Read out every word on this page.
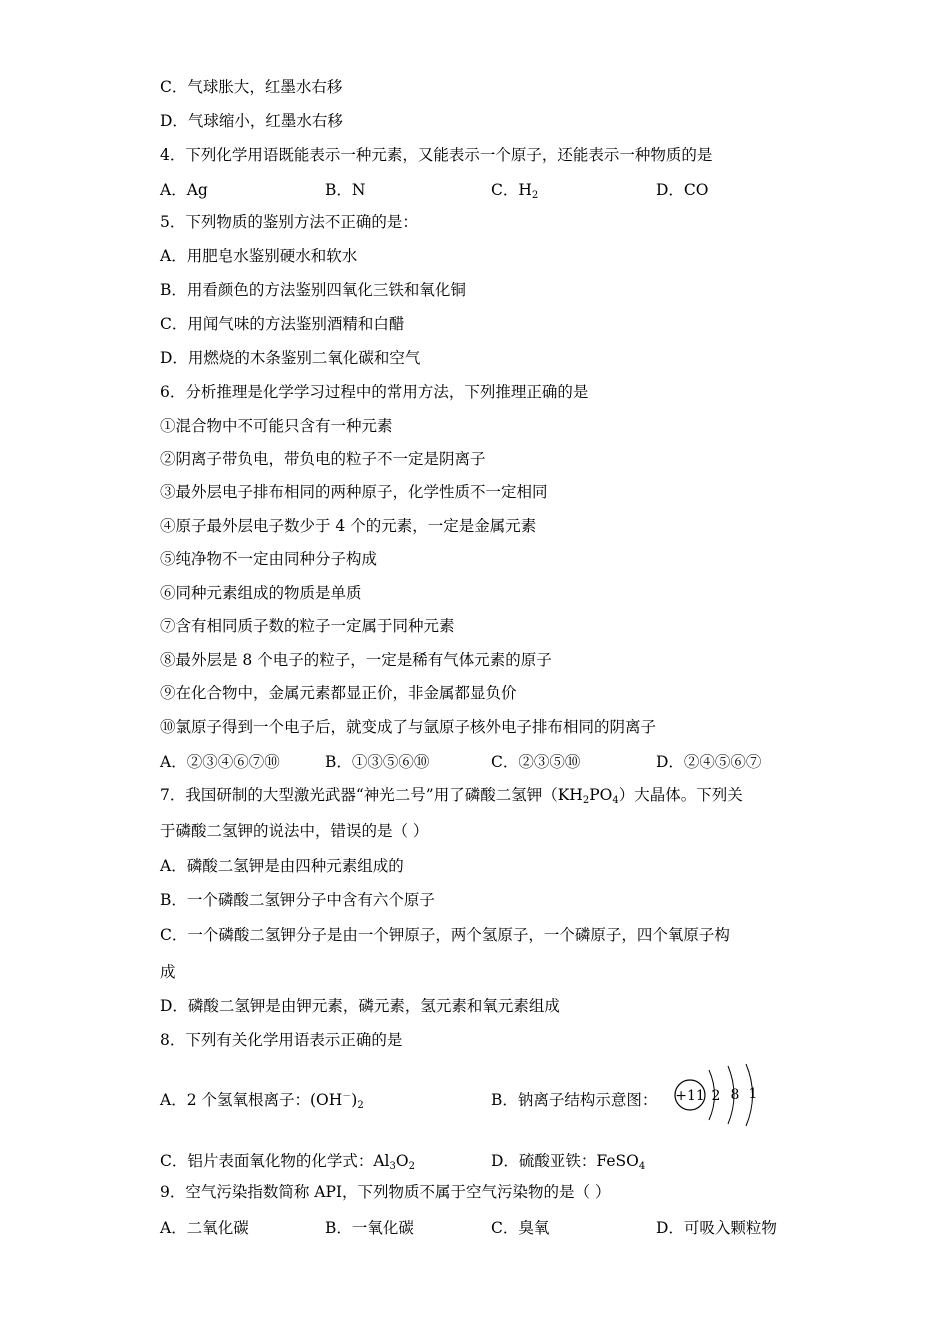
C．气球胀大，红墨水右移
D．气球缩小，红墨水右移
4．下列化学用语既能表示一种元素，又能表示一个原子，还能表示一种物质的是
A．Ag	B．N	C．$H_2$	D．CO
5．下列物质的鉴别方法不正确的是：
A．用肥皂水鉴别硬水和软水
B．用看颜色的方法鉴别四氧化三铁和氧化铜
C．用闻气味的方法鉴别酒精和白醋
D．用燃烧的木条鉴别二氧化碳和空气
6．分析推理是化学学习过程中的常用方法，下列推理正确的是
①混合物中不可能只含有一种元素
②阴离子带负电，带负电的粒子不一定是阴离子
③最外层电子排布相同的两种原子，化学性质不一定相同
④原子最外层电子数少于 4 个的元素，一定是金属元素
⑤纯净物不一定由同种分子构成
⑥同种元素组成的物质是单质
⑦含有相同质子数的粒子一定属于同种元素
⑧最外层是 8 个电子的粒子，一定是稀有气体元素的原子
⑨在化合物中，金属元素都显正价，非金属都显负价
⑩氯原子得到一个电子后，就变成了与氩原子核外电子排布相同的阴离子
A．②③④⑥⑦⑩	B．①③⑤⑥⑩	C．②③⑤⑩	D．②④⑤⑥⑦
7．我国研制的大型激光武器“神光二号”用了磷酸二氢钾$(KH_2PO_4)$大晶体。下列关
于磷酸二氢钾的说法中，错误的是（ ）
A．磷酸二氢钾是由四种元素组成的
B．一个磷酸二氢钾分子中含有六个原子
C．一个磷酸二氢钾分子是由一个钾原子，两个氢原子，一个磷原子，四个氧原子构
成
D．磷酸二氢钾是由钾元素，磷元素，氢元素和氧元素组成
8．下列有关化学用语表示正确的是
A．2 个氢氧根离子：$(OH^-)_2$	B．钠离子结构示意图： +11 2 8 1
C．铝片表面氧化物的化学式：$Al_3O_2$	D．硫酸亚铁：FeSO$_4$
9．空气污染指数简称 API，下列物质不属于空气污染物的是（ ）
A．二氧化碳	B．一氧化碳	C．臭氧	D．可吸入颗粒物
